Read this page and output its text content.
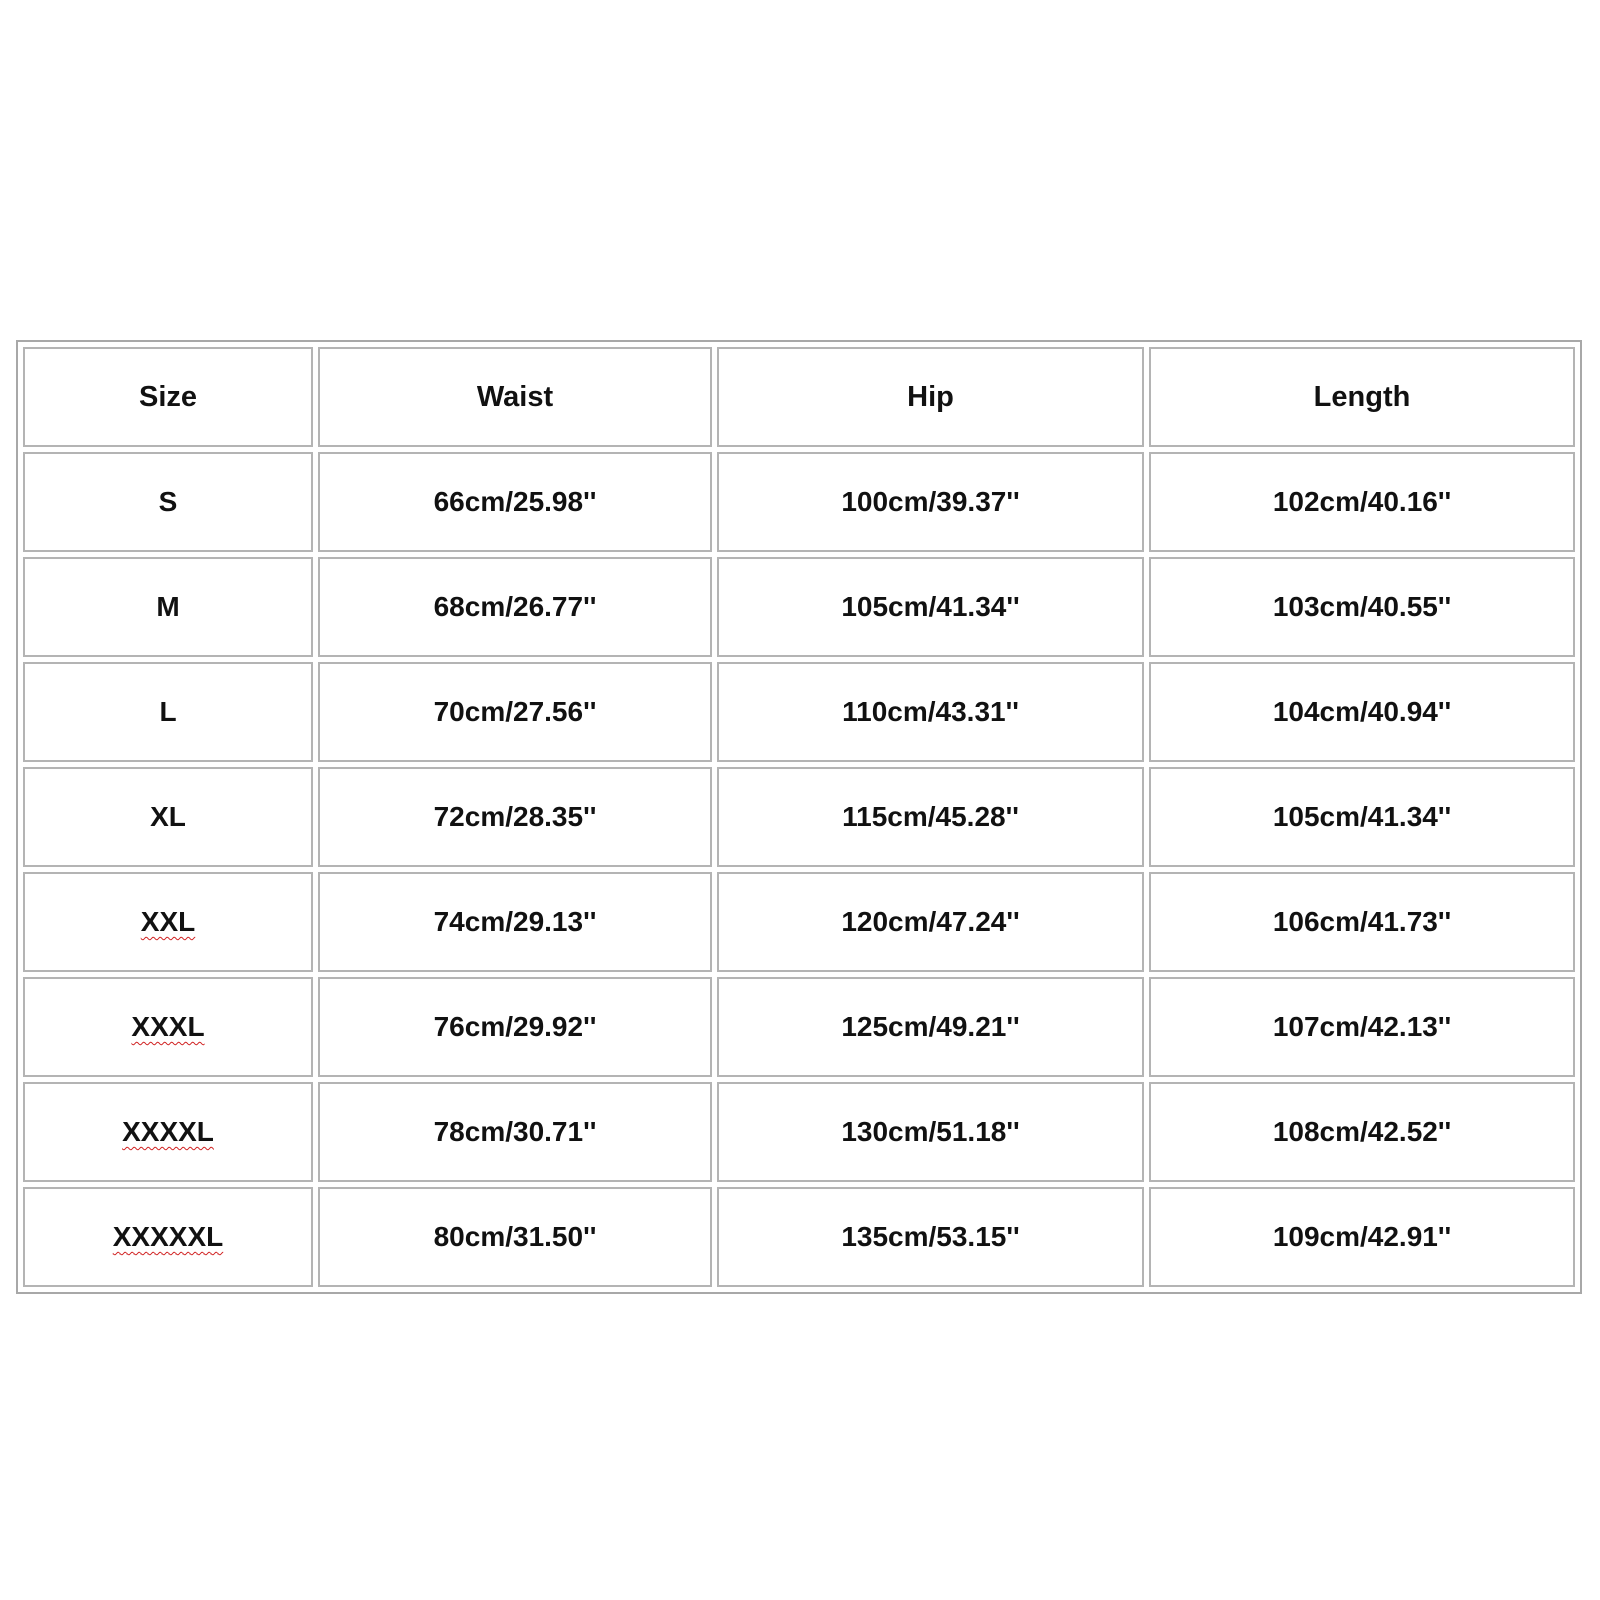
Size	Waist	Hip	Length
S	66cm/25.98''	100cm/39.37''	102cm/40.16''
M	68cm/26.77''	105cm/41.34''	103cm/40.55''
L	70cm/27.56''	110cm/43.31''	104cm/40.94''
XL	72cm/28.35''	115cm/45.28''	105cm/41.34''
XXL	74cm/29.13''	120cm/47.24''	106cm/41.73''
XXXL	76cm/29.92''	125cm/49.21''	107cm/42.13''
XXXXL	78cm/30.71''	130cm/51.18''	108cm/42.52''
XXXXXL	80cm/31.50''	135cm/53.15''	109cm/42.91''
